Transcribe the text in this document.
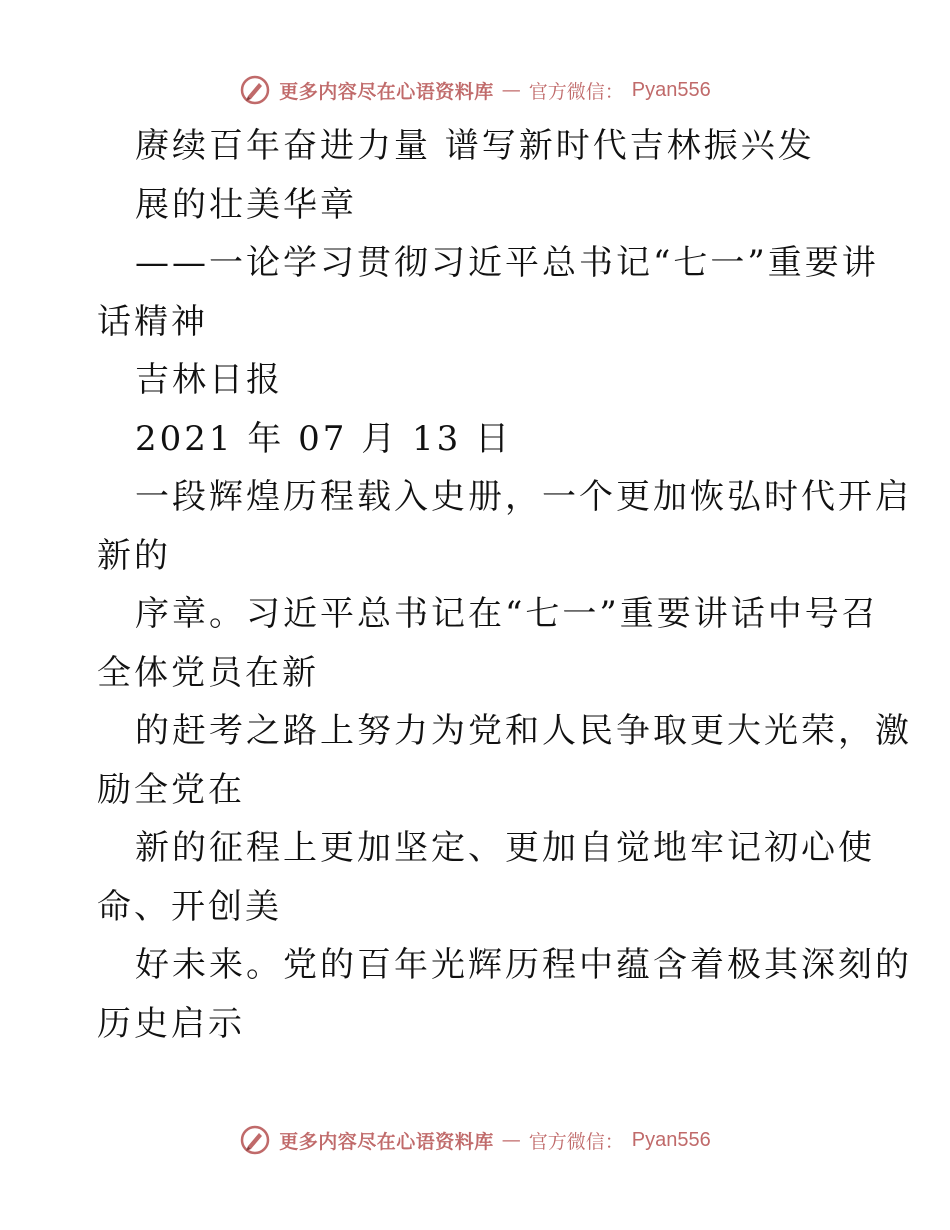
更多内容尽在心语资料库 — 官方微信： Pyan556
赓续百年奋进力量 谱写新时代吉林振兴发
展的壮美华章
——一论学习贯彻习近平总书记“七一”重要讲
话精神
吉林日报
2021 年 07 月 13 日
一段辉煌历程载入史册，一个更加恢弘时代开启
新的
序章。习近平总书记在“七一”重要讲话中号召
全体党员在新
的赶考之路上努力为党和人民争取更大光荣，激
励全党在
新的征程上更加坚定、更加自觉地牢记初心使
命、开创美
好未来。党的百年光辉历程中蕴含着极其深刻的
历史启示
更多内容尽在心语资料库 — 官方微信： Pyan556
